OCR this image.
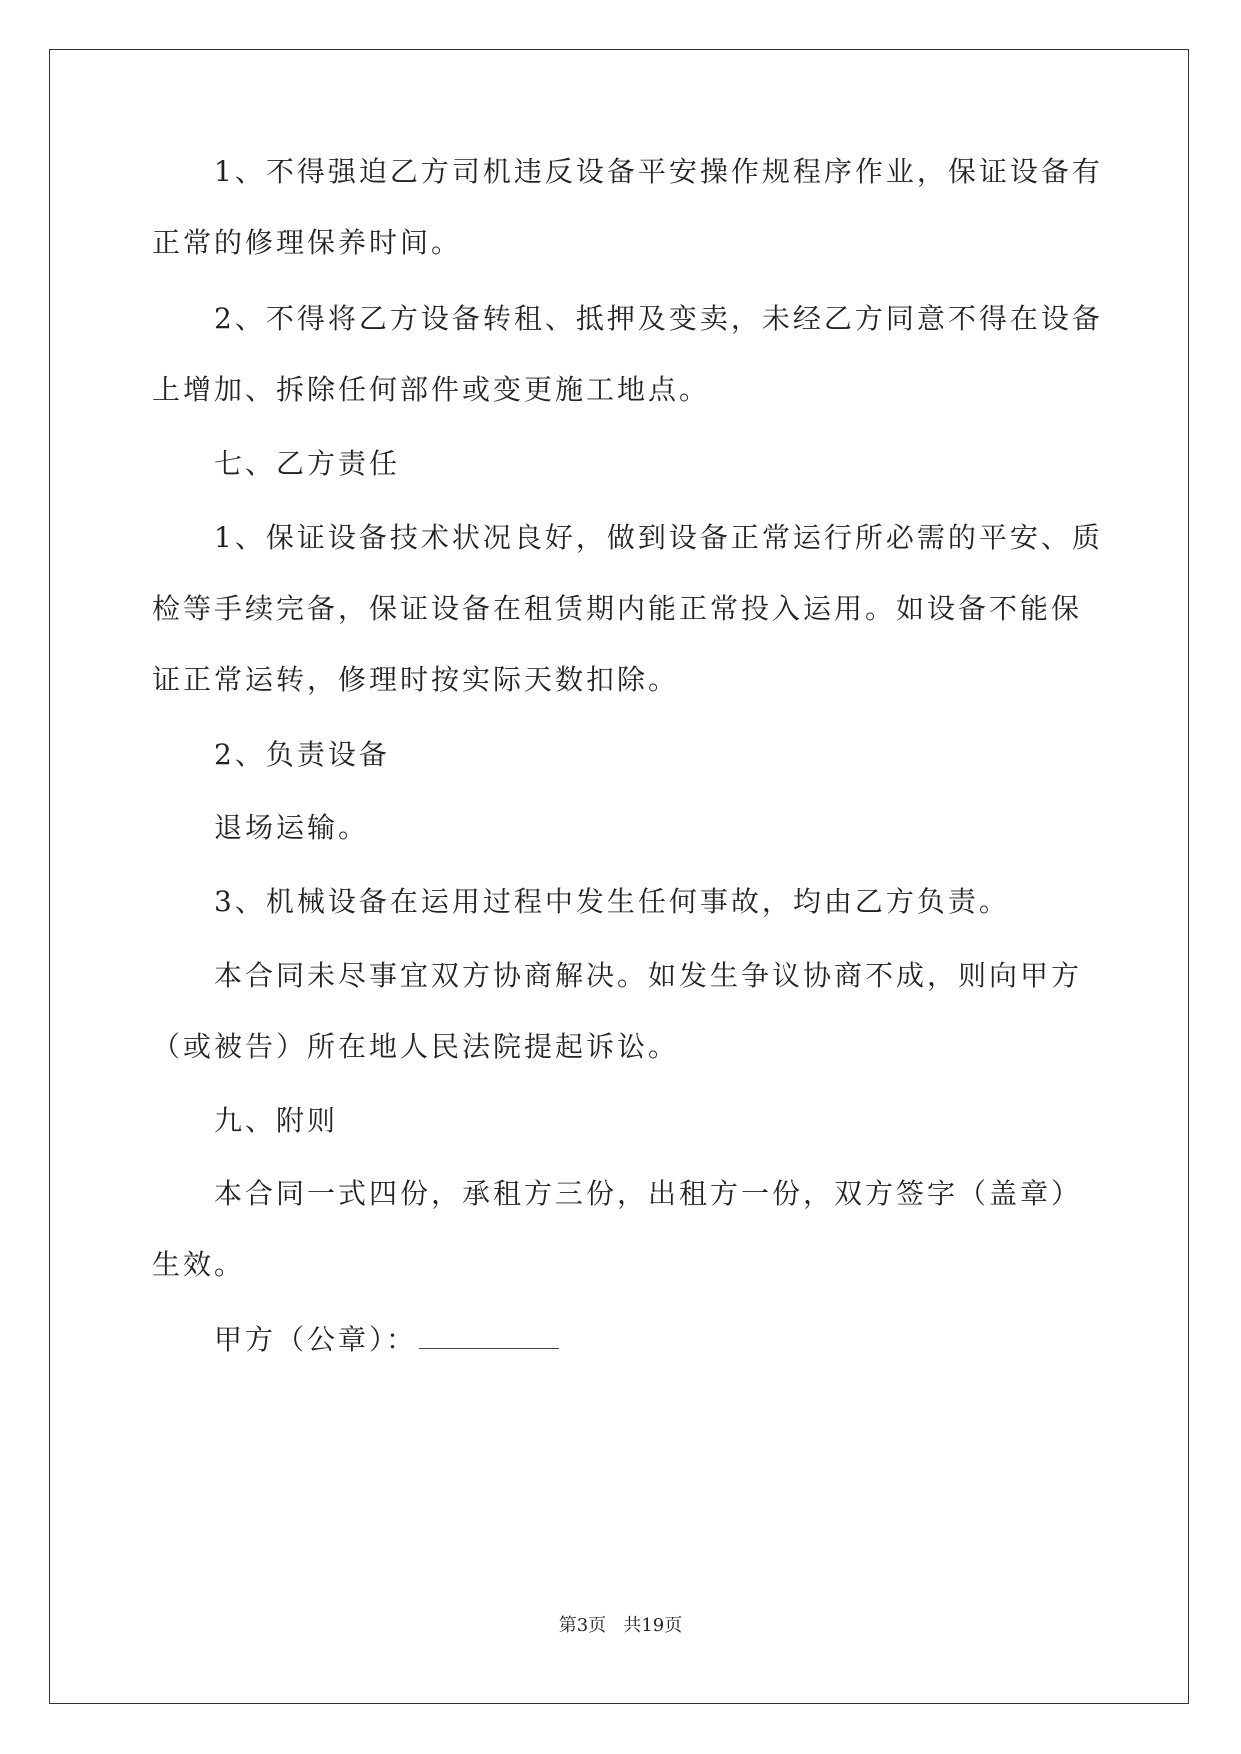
1、不得强迫乙方司机违反设备平安操作规程序作业，保证设备有
正常的修理保养时间。
2、不得将乙方设备转租、抵押及变卖，未经乙方同意不得在设备
上增加、拆除任何部件或变更施工地点。
七、乙方责任
1、保证设备技术状况良好，做到设备正常运行所必需的平安、质
检等手续完备，保证设备在租赁期内能正常投入运用。如设备不能保
证正常运转，修理时按实际天数扣除。
2、负责设备
退场运输。
3、机械设备在运用过程中发生任何事故，均由乙方负责。
本合同未尽事宜双方协商解决。如发生争议协商不成，则向甲方
（或被告）所在地人民法院提起诉讼。
九、附则
本合同一式四份，承租方三份，出租方一份，双方签字（盖章）
生效。
甲方（公章）：
第3页   共19页
